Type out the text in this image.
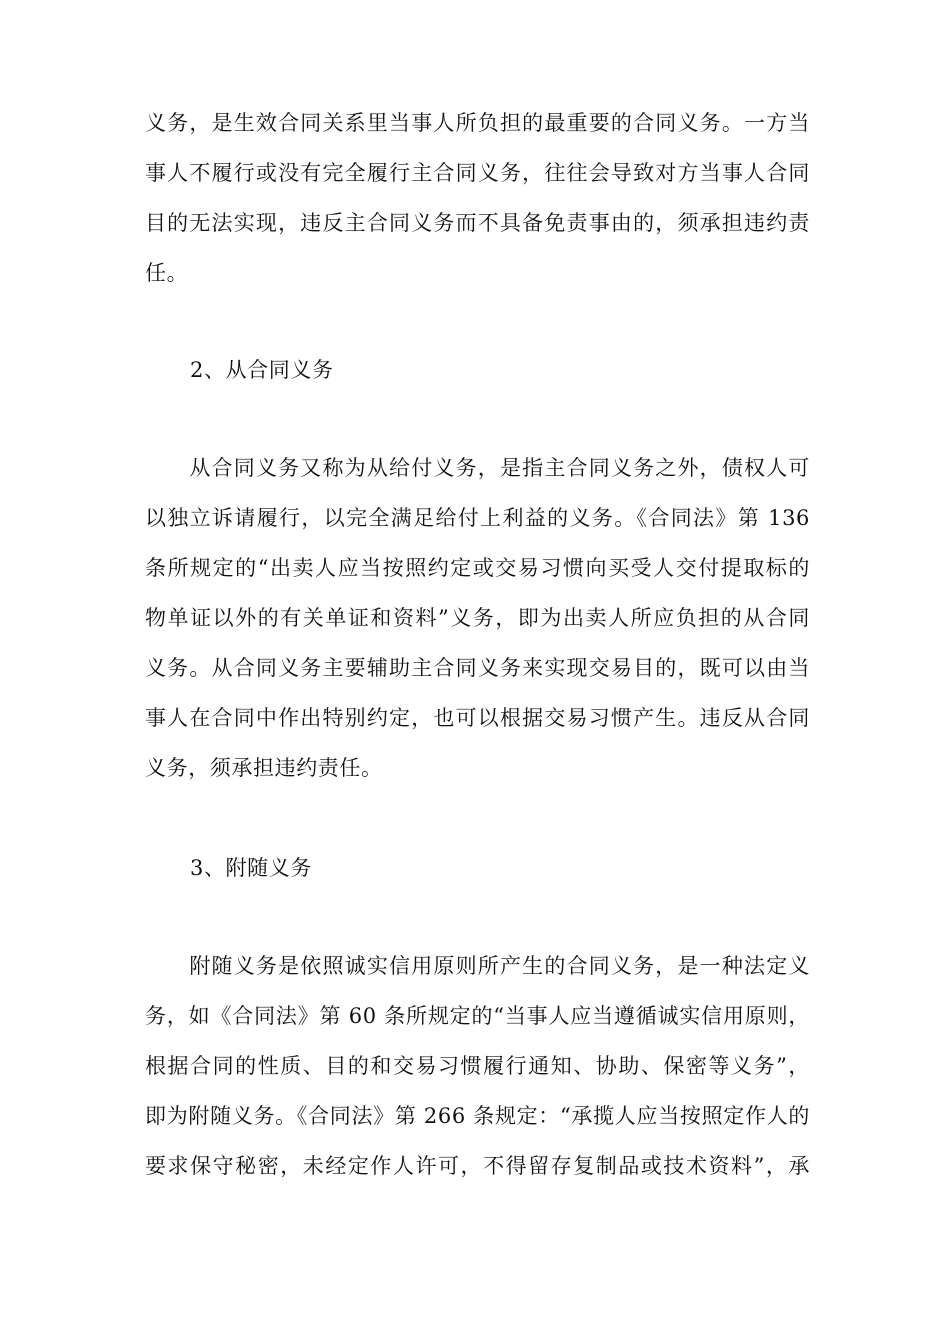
义务，是生效合同关系里当事人所负担的最重要的合同义务。一方当
事人不履行或没有完全履行主合同义务，往往会导致对方当事人合同
目的无法实现，违反主合同义务而不具备免责事由的，须承担违约责
任。
2、从合同义务
　　从合同义务又称为从给付义务，是指主合同义务之外，债权人可
以独立诉请履行，以完全满足给付上利益的义务。《合同法》第 136
条所规定的“出卖人应当按照约定或交易习惯向买受人交付提取标的
物单证以外的有关单证和资料”义务，即为出卖人所应负担的从合同
义务。从合同义务主要辅助主合同义务来实现交易目的，既可以由当
事人在合同中作出特别约定，也可以根据交易习惯产生。违反从合同
义务，须承担违约责任。
3、附随义务
　　附随义务是依照诚实信用原则所产生的合同义务，是一种法定义
务，如《合同法》第 60 条所规定的“当事人应当遵循诚实信用原则，
根据合同的性质、目的和交易习惯履行通知、协助、保密等义务”，
即为附随义务。《合同法》第 266 条规定：“承揽人应当按照定作人的
要求保守秘密，未经定作人许可，不得留存复制品或技术资料”，承
